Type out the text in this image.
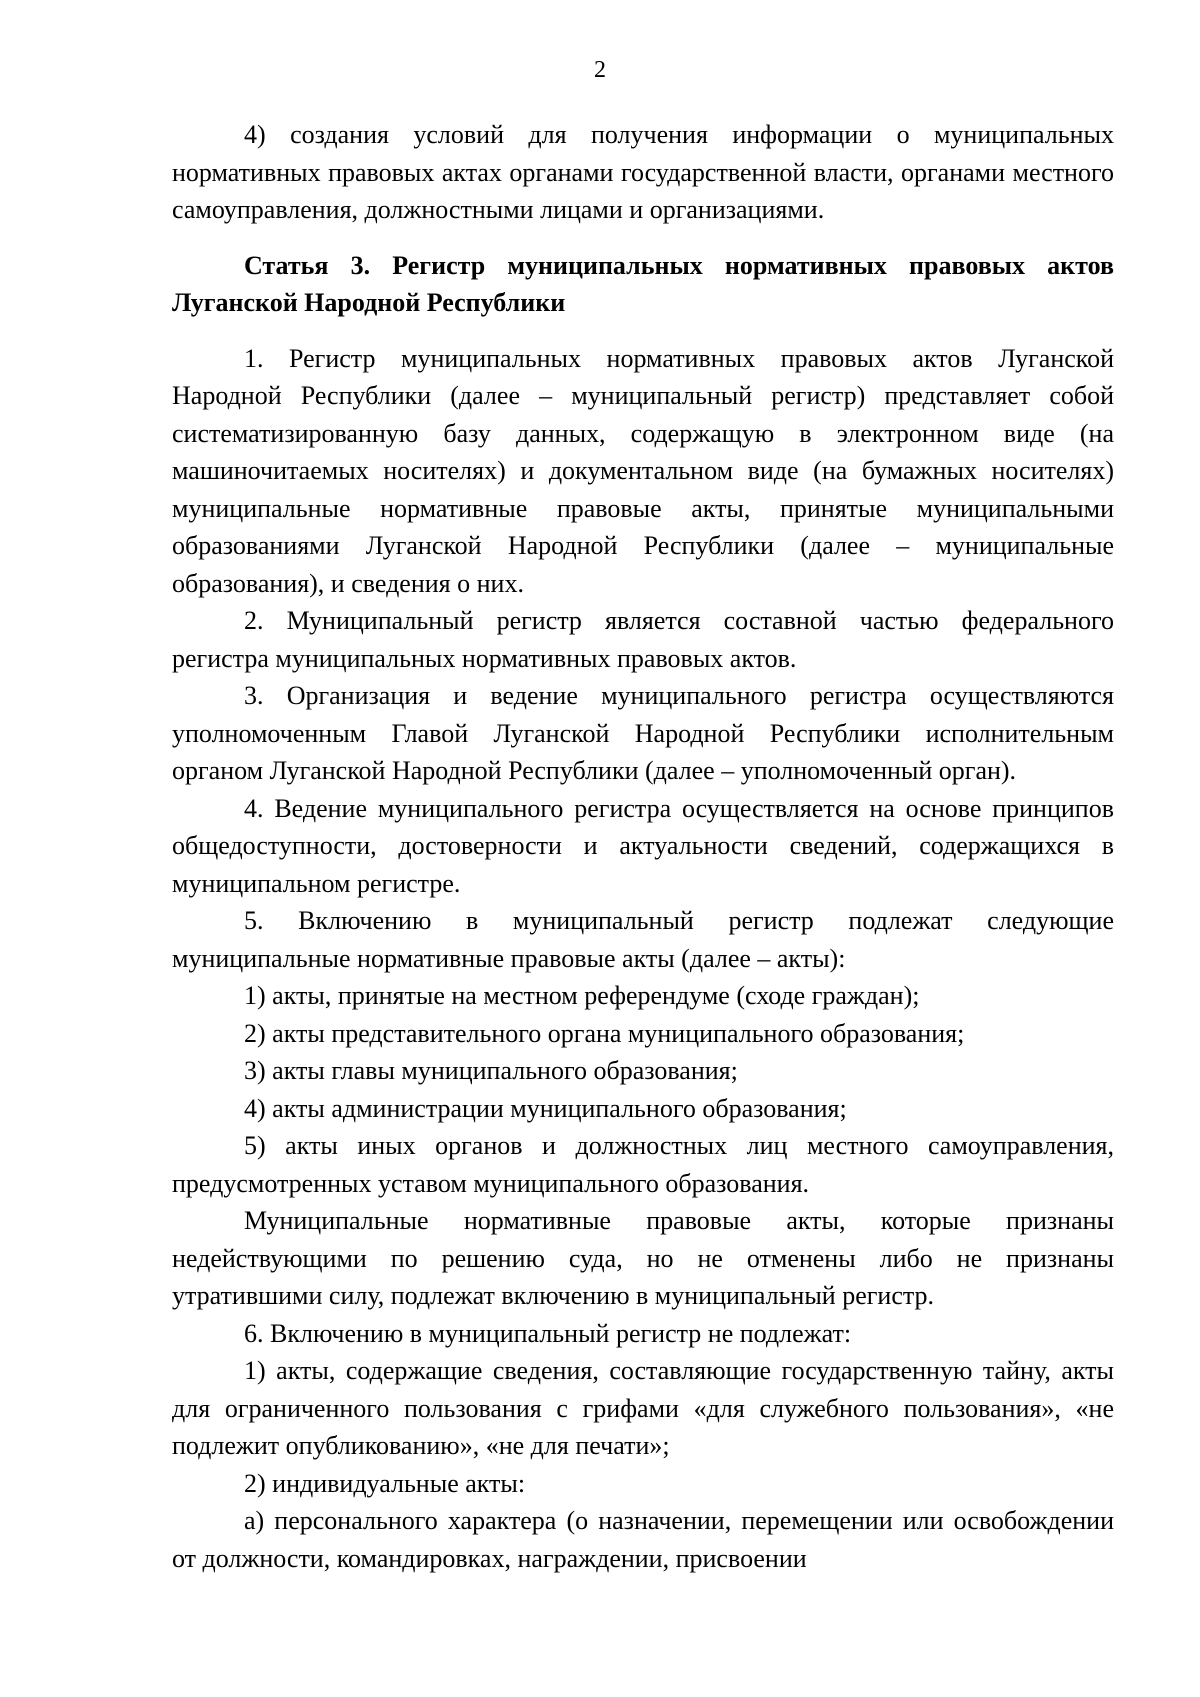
2

4) создания условий для получения информации о муниципальных нормативных правовых актах органами государственной власти, органами местного самоуправления, должностными лицами и организациями.

Статья 3. Регистр муниципальных нормативных правовых актов Луганской Народной Республики

1. Регистр муниципальных нормативных правовых актов Луганской Народной Республики (далее – муниципальный регистр) представляет собой систематизированную базу данных, содержащую в электронном виде (на машиночитаемых носителях) и документальном виде (на бумажных носителях) муниципальные нормативные правовые акты, принятые муниципальными образованиями Луганской Народной Республики (далее – муниципальные образования), и сведения о них.

2. Муниципальный регистр является составной частью федерального регистра муниципальных нормативных правовых актов.

3. Организация и ведение муниципального регистра осуществляются уполномоченным Главой Луганской Народной Республики исполнительным органом Луганской Народной Республики (далее – уполномоченный орган).

4. Ведение муниципального регистра осуществляется на основе принципов общедоступности, достоверности и актуальности сведений, содержащихся в муниципальном регистре.

5. Включению в муниципальный регистр подлежат следующие муниципальные нормативные правовые акты (далее – акты):

1) акты, принятые на местном референдуме (сходе граждан);

2) акты представительного органа муниципального образования;

3) акты главы муниципального образования;

4) акты администрации муниципального образования;

5) акты иных органов и должностных лиц местного самоуправления, предусмотренных уставом муниципального образования.

Муниципальные нормативные правовые акты, которые признаны недействующими по решению суда, но не отменены либо не признаны утратившими силу, подлежат включению в муниципальный регистр.

6. Включению в муниципальный регистр не подлежат:

1) акты, содержащие сведения, составляющие государственную тайну, акты для ограниченного пользования с грифами «для служебного пользования», «не подлежит опубликованию», «не для печати»;

2) индивидуальные акты:

а) персонального характера (о назначении, перемещении или освобождении от должности, командировках, награждении, присвоении
